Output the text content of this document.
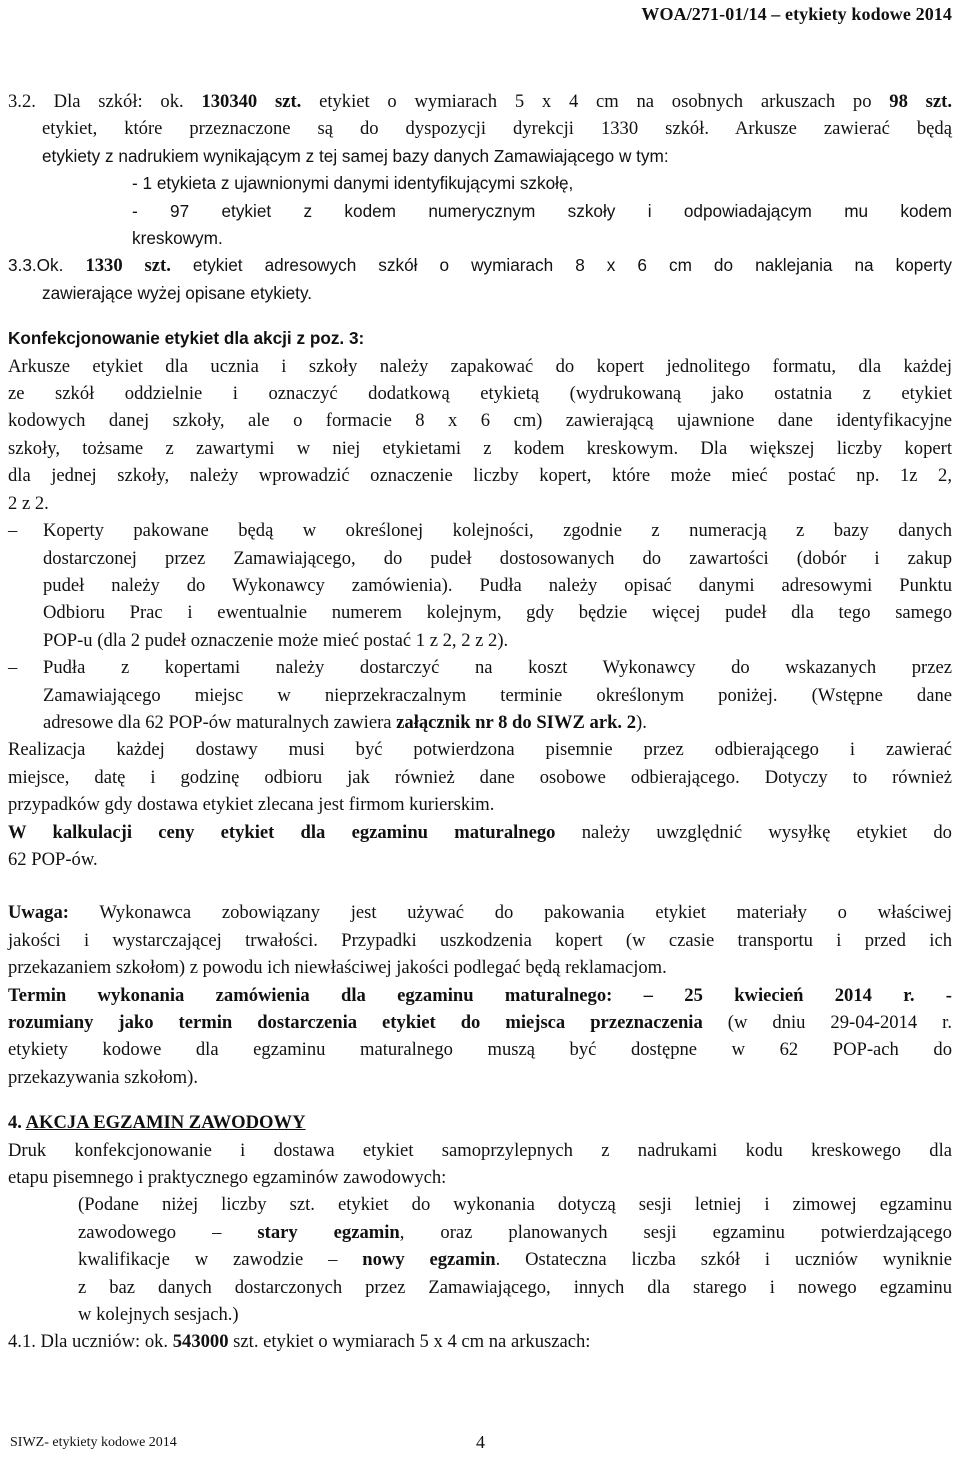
WOA/271-01/14 – etykiety kodowe 2014

3.2. Dla szkół: ok. 130340 szt. etykiet o wymiarach 5 x 4 cm na osobnych arkuszach po 98 szt.

etykiet, które przeznaczone są do dyspozycji dyrekcji 1330 szkół. Arkusze zawierać będą

etykiety z nadrukiem wynikającym z tej samej bazy danych Zamawiającego w tym:

- 1 etykieta z ujawnionymi danymi identyfikującymi szkołę,

- 97 etykiet z kodem numerycznym szkoły i odpowiadającym mu kodem

kreskowym.

3.3.Ok. 1330 szt. etykiet adresowych szkół o wymiarach 8 x 6 cm do naklejania na koperty

zawierające wyżej opisane etykiety.

Konfekcjonowanie etykiet dla akcji z poz. 3:

Arkusze etykiet dla ucznia i szkoły należy zapakować do kopert jednolitego formatu, dla każdej

ze szkół oddzielnie i oznaczyć dodatkową etykietą (wydrukowaną jako ostatnia z etykiet

kodowych danej szkoły, ale o formacie 8 x 6 cm) zawierającą ujawnione dane identyfikacyjne

szkoły, tożsame z zawartymi w niej etykietami z kodem kreskowym. Dla większej liczby kopert

dla jednej szkoły, należy wprowadzić oznaczenie liczby kopert, które może mieć postać np. 1z 2,

2 z 2.

–	Koperty pakowane będą w określonej kolejności, zgodnie z numeracją z bazy danych

dostarczonej przez Zamawiającego, do pudeł dostosowanych do zawartości (dobór i zakup

pudeł należy do Wykonawcy zamówienia). Pudła należy opisać danymi adresowymi Punktu

Odbioru Prac i ewentualnie numerem kolejnym, gdy będzie więcej pudeł dla tego samego

POP-u (dla 2 pudeł oznaczenie może mieć postać 1 z 2, 2 z 2).

–	Pudła z kopertami należy dostarczyć na koszt Wykonawcy do wskazanych przez

Zamawiającego miejsc w nieprzekraczalnym terminie określonym poniżej. (Wstępne dane

adresowe dla 62 POP-ów maturalnych zawiera załącznik nr 8 do SIWZ ark. 2).

Realizacja każdej dostawy musi być potwierdzona pisemnie przez odbierającego i zawierać

miejsce, datę i godzinę odbioru jak również dane osobowe odbierającego. Dotyczy to również

przypadków gdy dostawa etykiet zlecana jest firmom kurierskim.

W kalkulacji ceny etykiet dla egzaminu maturalnego należy uwzględnić wysyłkę etykiet do

62 POP-ów.

Uwaga: Wykonawca zobowiązany jest używać do pakowania etykiet materiały o właściwej

jakości i wystarczającej trwałości. Przypadki uszkodzenia kopert (w czasie transportu i przed ich

przekazaniem szkołom) z powodu ich niewłaściwej jakości podlegać będą reklamacjom.

Termin wykonania zamówienia dla egzaminu maturalnego: – 25 kwiecień 2014 r. -

rozumiany jako termin dostarczenia etykiet do miejsca przeznaczenia (w dniu 29-04-2014 r.

etykiety kodowe dla egzaminu maturalnego muszą być dostępne w 62 POP-ach do

przekazywania szkołom).

4. AKCJA EGZAMIN ZAWODOWY

Druk konfekcjonowanie i dostawa etykiet samoprzylepnych z nadrukami kodu kreskowego dla

etapu pisemnego i praktycznego egzaminów zawodowych:

(Podane niżej liczby szt. etykiet do wykonania dotyczą sesji letniej i zimowej egzaminu

zawodowego – stary egzamin, oraz planowanych sesji egzaminu potwierdzającego

kwalifikacje w zawodzie – nowy egzamin. Ostateczna liczba szkół i uczniów wyniknie

z baz danych dostarczonych przez Zamawiającego, innych dla starego i nowego egzaminu

w kolejnych sesjach.)

4.1. Dla uczniów: ok. 543000 szt. etykiet o wymiarach 5 x 4 cm na arkuszach:

SIWZ- etykiety kodowe 2014	4
